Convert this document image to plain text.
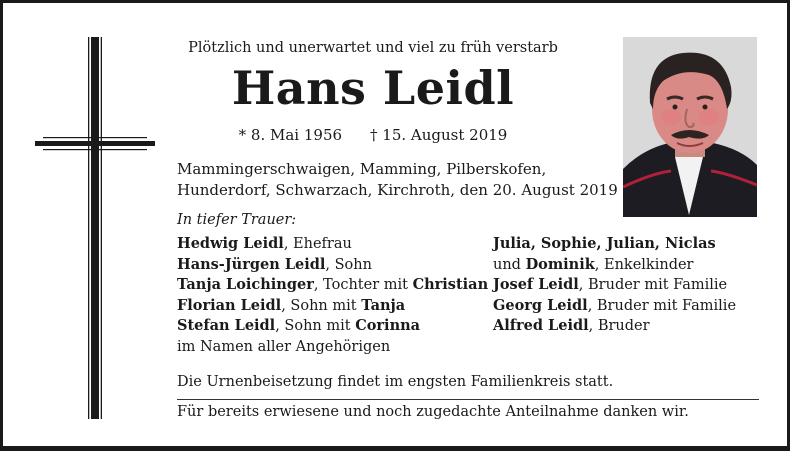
Plötzlich und unerwartet und viel zu früh verstarb
Hans Leidl
* 8. Mai 1956 † 15. August 2019
Mammingerschwaigen, Mamming, Pilberskofen,
Hunderdorf, Schwarzach, Kirchroth, den 20. August 2019
In tiefer Trauer:
Hedwig Leidl, Ehefrau
Hans-Jürgen Leidl, Sohn
Tanja Loichinger, Tochter mit Christian
Florian Leidl, Sohn mit Tanja
Stefan Leidl, Sohn mit Corinna
im Namen aller Angehörigen
Julia, Sophie, Julian, Niclas
und Dominik, Enkelkinder
Josef Leidl, Bruder mit Familie
Georg Leidl, Bruder mit Familie
Alfred Leidl, Bruder
Die Urnenbeisetzung findet im engsten Familienkreis statt.
Für bereits erwiesene und noch zugedachte Anteilnahme danken wir.
